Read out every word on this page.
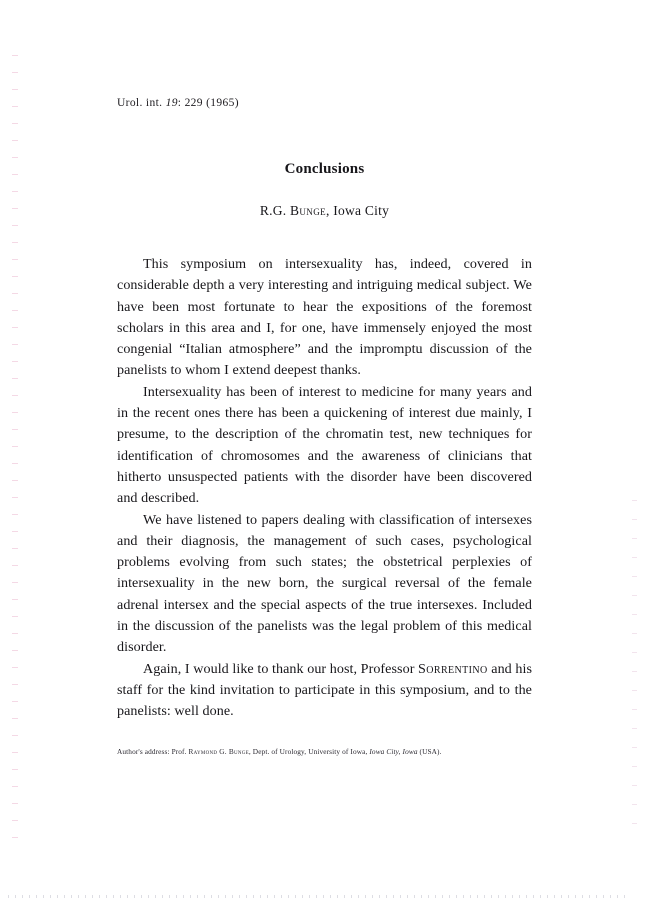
Urol. int. 19: 229 (1965)
Conclusions
R.G. Bunge, Iowa City

This symposium on intersexuality has, indeed, covered in considerable depth a very interesting and intriguing medical subject. We have been most fortunate to hear the expositions of the foremost scholars in this area and I, for one, have immensely enjoyed the most congenial “Italian atmosphere” and the impromptu discussion of the panelists to whom I extend deepest thanks.

Intersexuality has been of interest to medicine for many years and in the recent ones there has been a quickening of interest due mainly, I presume, to the description of the chromatin test, new techniques for identification of chromosomes and the awareness of clinicians that hitherto unsuspected patients with the disorder have been discovered and described.

We have listened to papers dealing with classification of intersexes and their diagnosis, the management of such cases, psychological problems evolving from such states; the obstetrical perplexies of intersexuality in the new born, the surgical reversal of the female adrenal intersex and the special aspects of the true intersexes. Included in the discussion of the panelists was the legal problem of this medical disorder.

Again, I would like to thank our host, Professor Sorrentino and his staff for the kind invitation to participate in this symposium, and to the panelists: well done.

Author's address: Prof. Raymond G. Bunge, Dept. of Urology, University of Iowa, Iowa City, Iowa (USA).
